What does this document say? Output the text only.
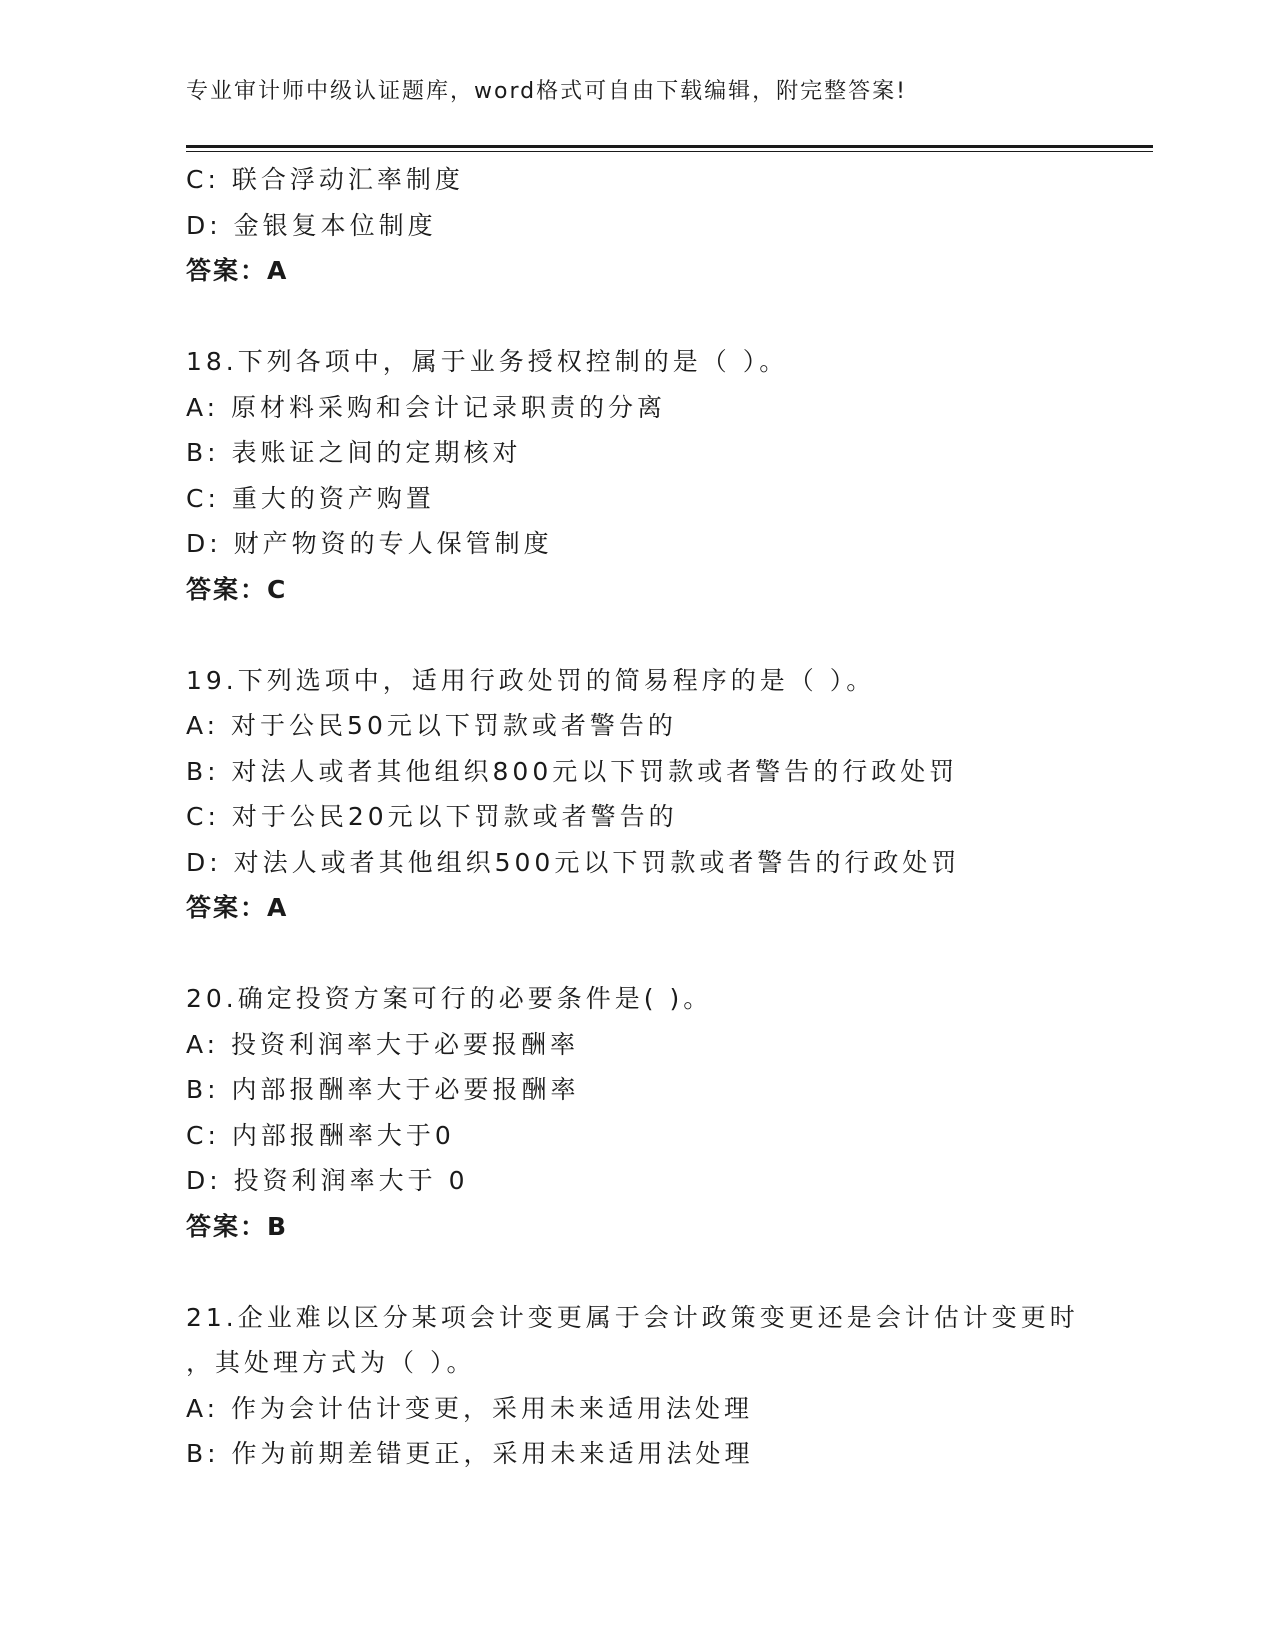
专业审计师中级认证题库，word格式可自由下载编辑，附完整答案!
C: 联合浮动汇率制度
D: 金银复本位制度
答案：A
18.下列各项中，属于业务授权控制的是（ ）。
A: 原材料采购和会计记录职责的分离
B: 表账证之间的定期核对
C: 重大的资产购置
D: 财产物资的专人保管制度
答案：C
19.下列选项中，适用行政处罚的简易程序的是（ ）。
A: 对于公民50元以下罚款或者警告的
B: 对法人或者其他组织800元以下罚款或者警告的行政处罚
C: 对于公民20元以下罚款或者警告的
D: 对法人或者其他组织500元以下罚款或者警告的行政处罚
答案：A
20.确定投资方案可行的必要条件是( )。
A: 投资利润率大于必要报酬率
B: 内部报酬率大于必要报酬率
C: 内部报酬率大于0
D: 投资利润率大于 0
答案：B
21.企业难以区分某项会计变更属于会计政策变更还是会计估计变更时
，其处理方式为（ ）。
A: 作为会计估计变更，采用未来适用法处理
B: 作为前期差错更正，采用未来适用法处理
